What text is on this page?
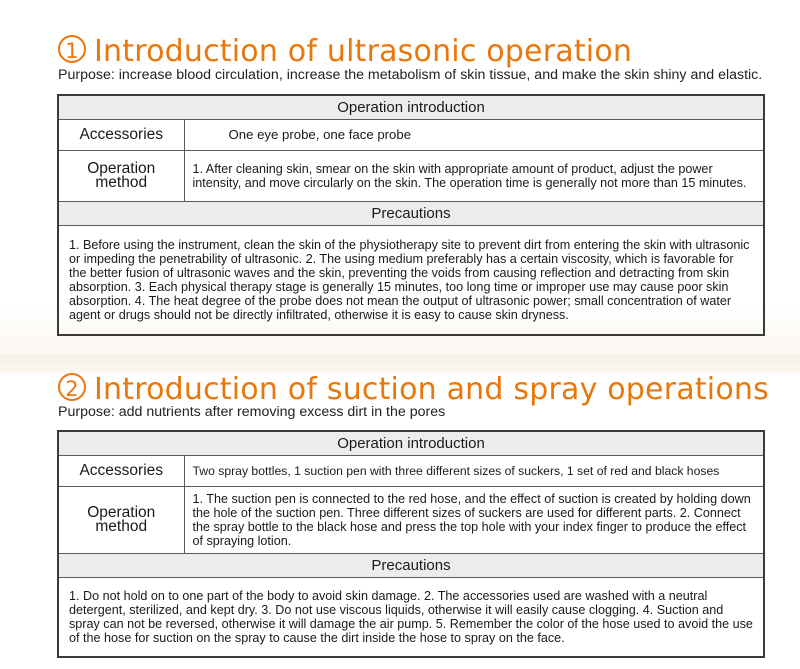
1 Introduction of ultrasonic operation
Purpose: increase blood circulation, increase the metabolism of skin tissue, and make the skin shiny and elastic.
Operation introduction	
Accessories	One eye probe, one face probe
Operation method	1. After cleaning skin, smear on the skin with appropriate amount of product, adjust the power intensity, and move circularly on the skin. The operation time is generally not more than 15 minutes.
Precautions	
1. Before using the instrument, clean the skin of the physiotherapy site to prevent dirt from entering the skin with ultrasonic or impeding the penetrability of ultrasonic. 2. The using medium preferably has a certain viscosity, which is favorable for the better fusion of ultrasonic waves and the skin, preventing the voids from causing reflection and detracting from skin absorption. 3. Each physical therapy stage is generally 15 minutes, too long time or improper use may cause poor skin absorption. 4. The heat degree of the probe does not mean the output of ultrasonic power; small concentration of water agent or drugs should not be directly infiltrated, otherwise it is easy to cause skin dryness.	
2 Introduction of suction and spray operations
Purpose: add nutrients after removing excess dirt in the pores
Operation introduction	
Accessories	Two spray bottles, 1 suction pen with three different sizes of suckers, 1 set of red and black hoses
Operation method	1. The suction pen is connected to the red hose, and the effect of suction is created by holding down the hole of the suction pen. Three different sizes of suckers are used for different parts. 2. Connect the spray bottle to the black hose and press the top hole with your index finger to produce the effect of spraying lotion.
Precautions	
1. Do not hold on to one part of the body to avoid skin damage. 2. The accessories used are washed with a neutral detergent, sterilized, and kept dry. 3. Do not use viscous liquids, otherwise it will easily cause clogging. 4. Suction and spray can not be reversed, otherwise it will damage the air pump. 5. Remember the color of the hose used to avoid the use of the hose for suction on the spray to cause the dirt inside the hose to spray on the face.	
